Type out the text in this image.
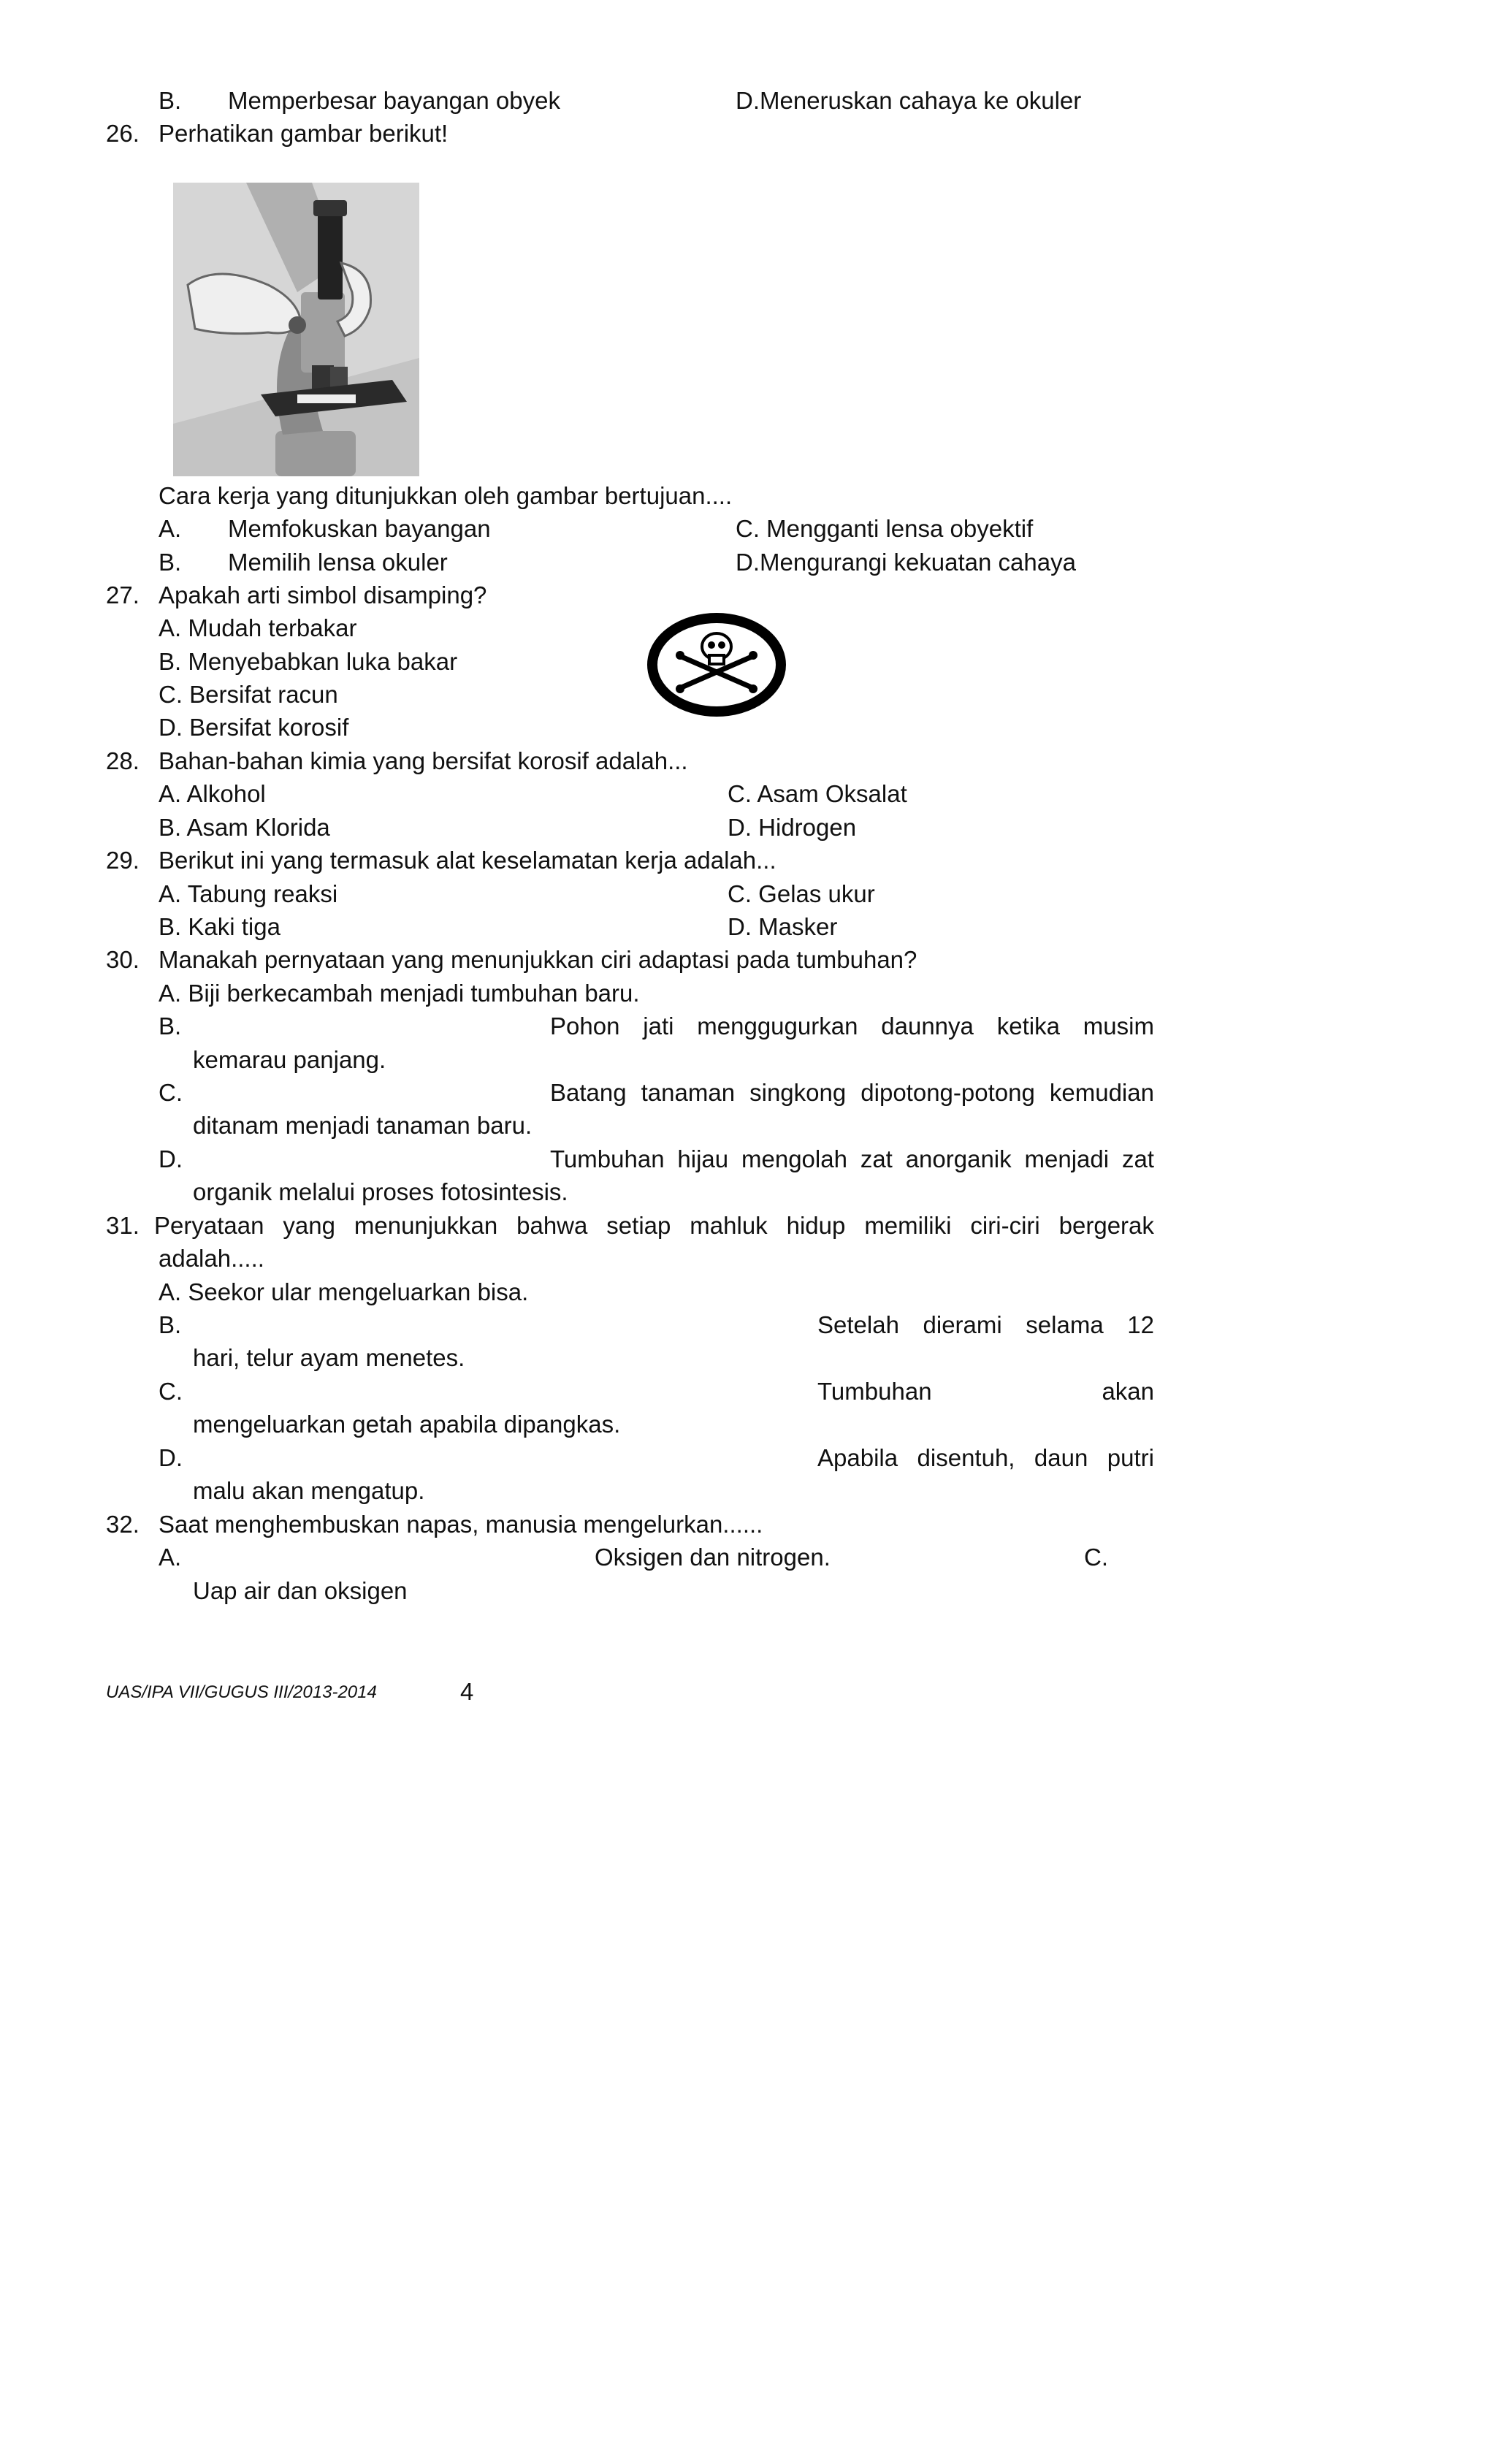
B. Memperbesar bayangan obyek	D.Meneruskan cahaya ke okuler
26. Perhatikan gambar berikut!
Cara kerja yang ditunjukkan oleh gambar bertujuan....
A. Memfokuskan bayangan	C. Mengganti lensa obyektif
B. Memilih lensa okuler	D.Mengurangi kekuatan cahaya
27. Apakah arti simbol disamping?
A. Mudah terbakar
B. Menyebabkan luka bakar
C. Bersifat racun
D. Bersifat korosif
28. Bahan-bahan kimia yang bersifat korosif adalah...
A. Alkohol	C. Asam Oksalat
B. Asam Klorida	D. Hidrogen
29. Berikut ini yang termasuk alat keselamatan kerja adalah...
A. Tabung reaksi	C. Gelas ukur
B. Kaki tiga	D. Masker
30. Manakah pernyataan yang menunjukkan ciri adaptasi pada tumbuhan?
A. Biji berkecambah menjadi tumbuhan baru.
B.	Pohon jati menggugurkan daunnya ketika musim
kemarau panjang.
C.	Batang tanaman singkong dipotong-potong kemudian
ditanam menjadi tanaman baru.
D.	Tumbuhan hijau mengolah zat anorganik menjadi zat
organik melalui proses fotosintesis.
31. Peryataan yang menunjukkan bahwa setiap mahluk hidup memiliki ciri-ciri bergerak
adalah.....
A. Seekor ular mengeluarkan bisa.
B.	Setelah dierami selama 12
hari, telur ayam menetes.
C.	Tumbuhan	akan
mengeluarkan getah apabila dipangkas.
D.	Apabila disentuh, daun putri
malu akan mengatup.
32. Saat menghembuskan napas, manusia mengelurkan......
A.	Oksigen dan nitrogen.	C.
Uap air dan oksigen
UAS/IPA VII/GUGUS III/2013-2014	4
